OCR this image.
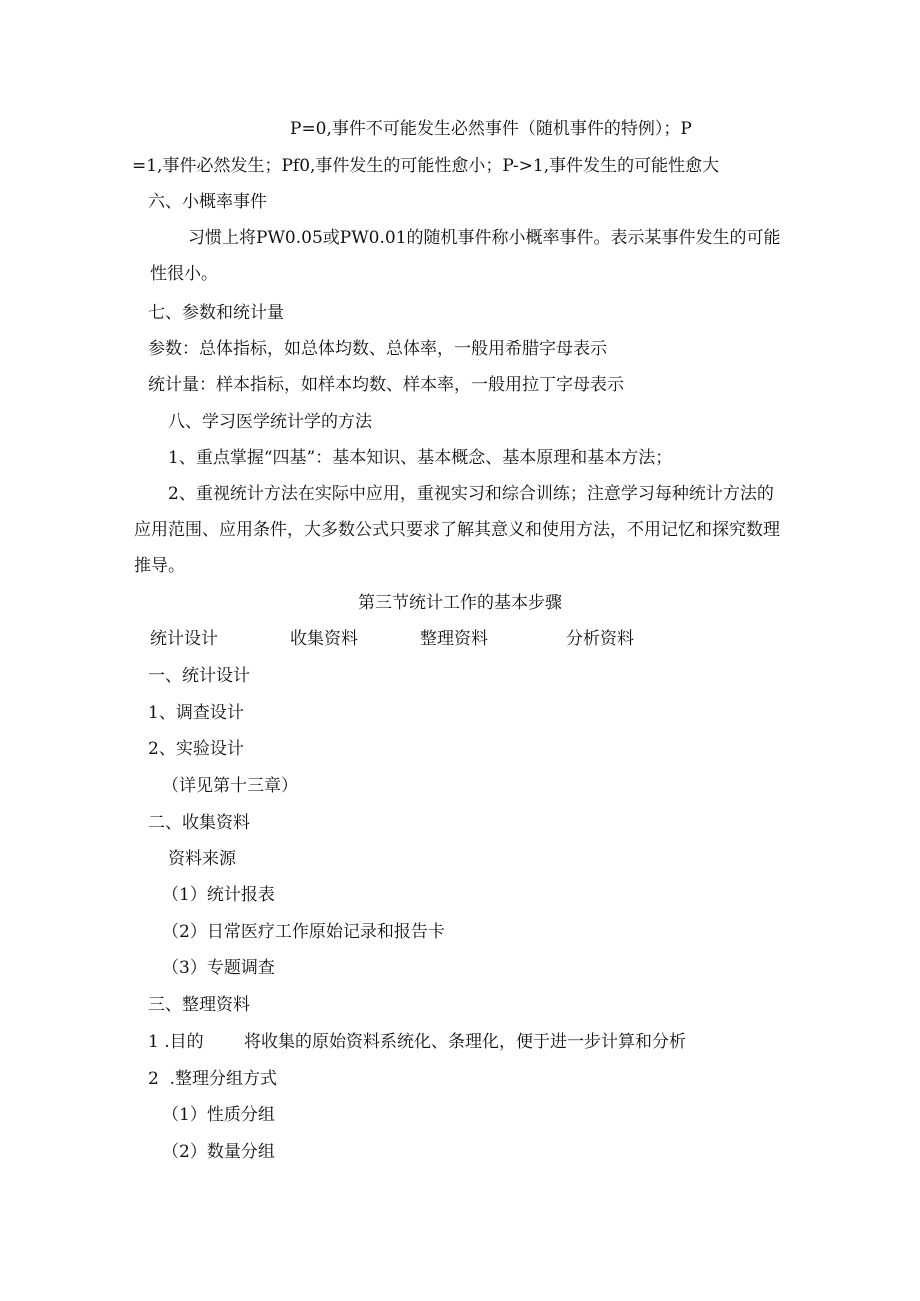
P=0,事件不可能发生必然事件（随机事件的特例）；P
=1,事件必然发生；Pf0,事件发生的可能性愈小；P->1,事件发生的可能性愈大
六、小概率事件
习惯上将PW0.05或PW0.01的随机事件称小概率事件。表示某事件发生的可能性很小。
七、参数和统计量
参数：总体指标，如总体均数、总体率，一般用希腊字母表示
统计量：样本指标，如样本均数、样本率，一般用拉丁字母表示
八、学习医学统计学的方法
1、重点掌握“四基”：基本知识、基本概念、基本原理和基本方法；
2、重视统计方法在实际中应用，重视实习和综合训练；注意学习每种统计方法的应用范围、应用条件，大多数公式只要求了解其意义和使用方法，不用记忆和探究数理推导。
第三节统计工作的基本步骤
统计设计	收集资料	整理资料	分析资料
一、统计设计
1、调查设计
2、实验设计
（详见第十三章）
二、收集资料
资料来源
（1）统计报表
（2）日常医疗工作原始记录和报告卡
（3）专题调查
三、整理资料
1 .目的 将收集的原始资料系统化、条理化，便于进一步计算和分析
2  .整理分组方式
（1）性质分组
（2）数量分组
